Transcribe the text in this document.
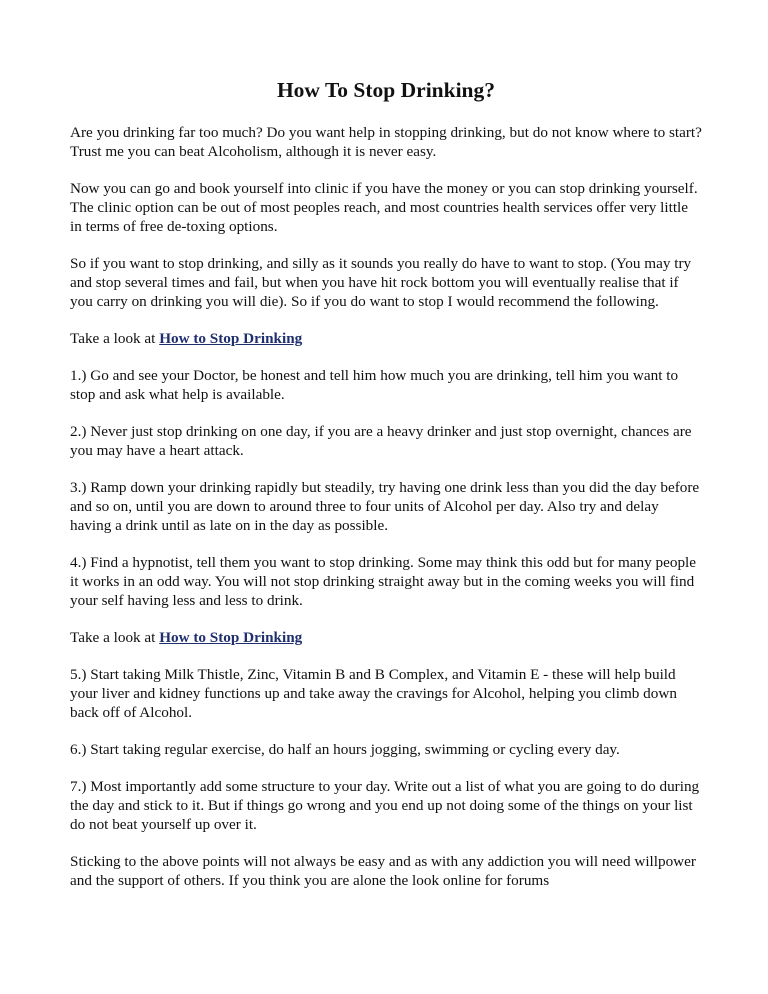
How To Stop Drinking?

Are you drinking far too much? Do you want help in stopping drinking, but do not know where to start? Trust me you can beat Alcoholism, although it is never easy.

Now you can go and book yourself into clinic if you have the money or you can stop drinking yourself. The clinic option can be out of most peoples reach, and most countries health services offer very little in terms of free de-toxing options.

So if you want to stop drinking, and silly as it sounds you really do have to want to stop. (You may try and stop several times and fail, but when you have hit rock bottom you will eventually realise that if you carry on drinking you will die). So if you do want to stop I would recommend the following.

Take a look at How to Stop Drinking

1.) Go and see your Doctor, be honest and tell him how much you are drinking, tell him you want to stop and ask what help is available.

2.) Never just stop drinking on one day, if you are a heavy drinker and just stop overnight, chances are you may have a heart attack.

3.) Ramp down your drinking rapidly but steadily, try having one drink less than you did the day before and so on, until you are down to around three to four units of Alcohol per day. Also try and delay having a drink until as late on in the day as possible.

4.) Find a hypnotist, tell them you want to stop drinking. Some may think this odd but for many people it works in an odd way. You will not stop drinking straight away but in the coming weeks you will find your self having less and less to drink.

Take a look at How to Stop Drinking

5.) Start taking Milk Thistle, Zinc, Vitamin B and B Complex, and Vitamin E - these will help build your liver and kidney functions up and take away the cravings for Alcohol, helping you climb down back off of Alcohol.

6.) Start taking regular exercise, do half an hours jogging, swimming or cycling every day.

7.) Most importantly add some structure to your day. Write out a list of what you are going to do during the day and stick to it. But if things go wrong and you end up not doing some of the things on your list do not beat yourself up over it.

Sticking to the above points will not always be easy and as with any addiction you will need willpower and the support of others. If you think you are alone the look online for forums
